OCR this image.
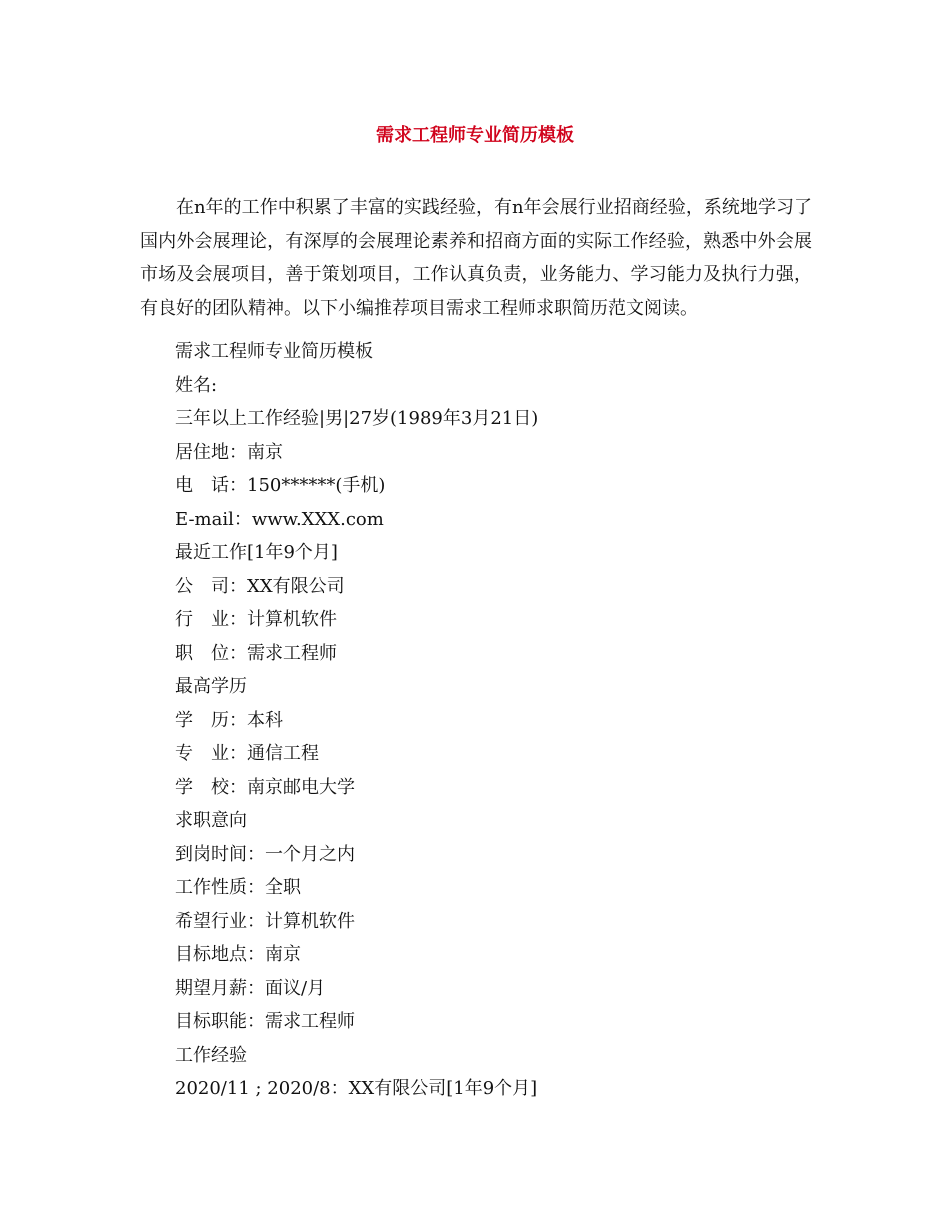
需求工程师专业简历模板

在n年的工作中积累了丰富的实践经验，有n年会展行业招商经验，系统地学习了国内外会展理论，有深厚的会展理论素养和招商方面的实际工作经验，熟悉中外会展市场及会展项目，善于策划项目，工作认真负责，业务能力、学习能力及执行力强，有良好的团队精神。以下小编推荐项目需求工程师求职简历范文阅读。

需求工程师专业简历模板
姓名:
三年以上工作经验|男|27岁(1989年3月21日)
居住地：南京
电　话：150******(手机)
E-mail：www.XXX.com
最近工作[1年9个月]
公　司：XX有限公司
行　业：计算机软件
职　位：需求工程师
最高学历
学　历：本科
专　业：通信工程
学　校：南京邮电大学
求职意向
到岗时间：一个月之内
工作性质：全职
希望行业：计算机软件
目标地点：南京
期望月薪：面议/月
目标职能：需求工程师
工作经验
2020/11 ; 2020/8：XX有限公司[1年9个月]
